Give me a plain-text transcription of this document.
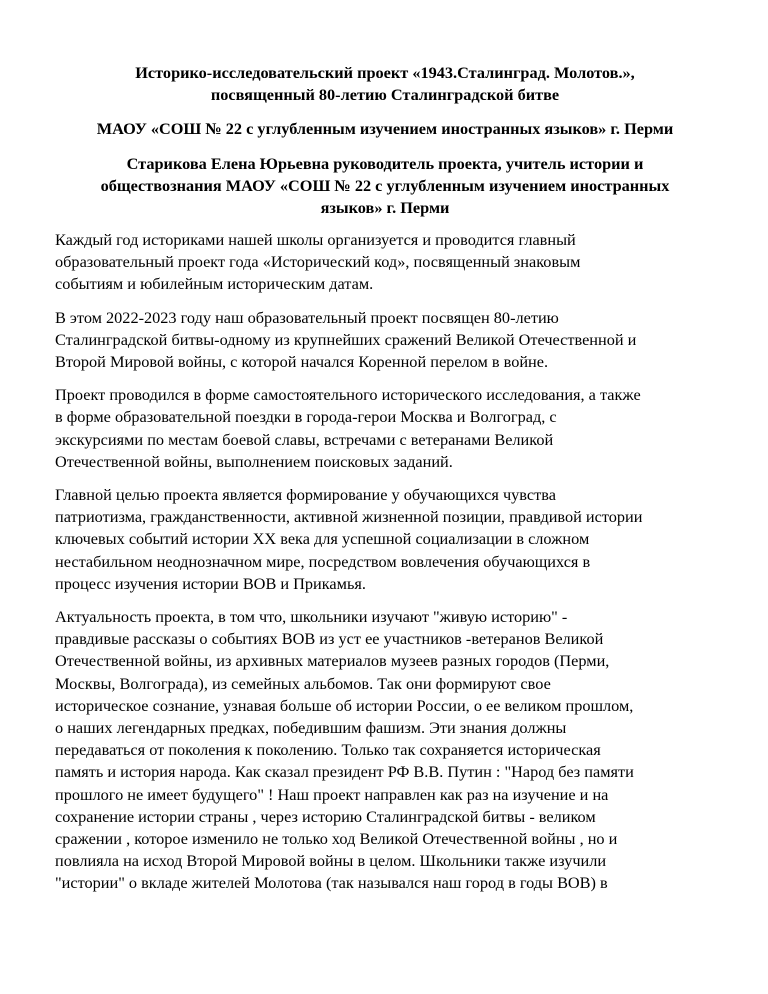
Историко-исследовательский проект «1943.Сталинград. Молотов.»,
посвященный 80-летию Сталинградской битве
МАОУ «СОШ № 22 с углубленным изучением иностранных языков» г. Перми
Старикова Елена Юрьевна руководитель проекта, учитель истории и
обществознания МАОУ «СОШ № 22 с углубленным изучением иностранных
языков» г. Перми
Каждый год историками нашей школы организуется и проводится главный
образовательный проект года «Исторический код», посвященный знаковым
событиям и юбилейным историческим датам.
В этом 2022-2023 году наш образовательный проект посвящен 80-летию
Сталинградской битвы-одному из крупнейших сражений Великой Отечественной и
Второй Мировой войны, с которой начался Коренной перелом в войне.
Проект проводился в форме самостоятельного исторического исследования, а также
в форме образовательной поездки в города-герои Москва и Волгоград, с
экскурсиями по местам боевой славы, встречами с ветеранами Великой
Отечественной войны, выполнением поисковых заданий.
Главной целью проекта является формирование у обучающихся чувства
патриотизма, гражданственности, активной жизненной позиции, правдивой истории
ключевых событий истории XX века для успешной социализации в сложном
нестабильном неоднозначном мире, посредством вовлечения обучающихся в
процесс изучения истории ВОВ и Прикамья.
Актуальность проекта, в том что, школьники изучают "живую историю" -
правдивые рассказы о событиях ВОВ из уст ее участников -ветеранов Великой
Отечественной войны, из архивных материалов музеев разных городов (Перми,
Москвы, Волгограда), из семейных альбомов. Так они формируют свое
историческое сознание, узнавая больше об истории России, о ее великом прошлом,
о наших легендарных предках, победившим фашизм. Эти знания должны
передаваться от поколения к поколению. Только так сохраняется историческая
память и история народа. Как сказал президент РФ В.В. Путин : "Народ без памяти
прошлого не имеет будущего" ! Наш проект направлен как раз на изучение и на
сохранение истории страны , через историю Сталинградской битвы - великом
сражении , которое изменило не только ход Великой Отечественной войны , но и
повлияла на исход Второй Мировой войны в целом. Школьники также изучили
"истории" о вкладе жителей Молотова (так назывался наш город в годы ВОВ) в
